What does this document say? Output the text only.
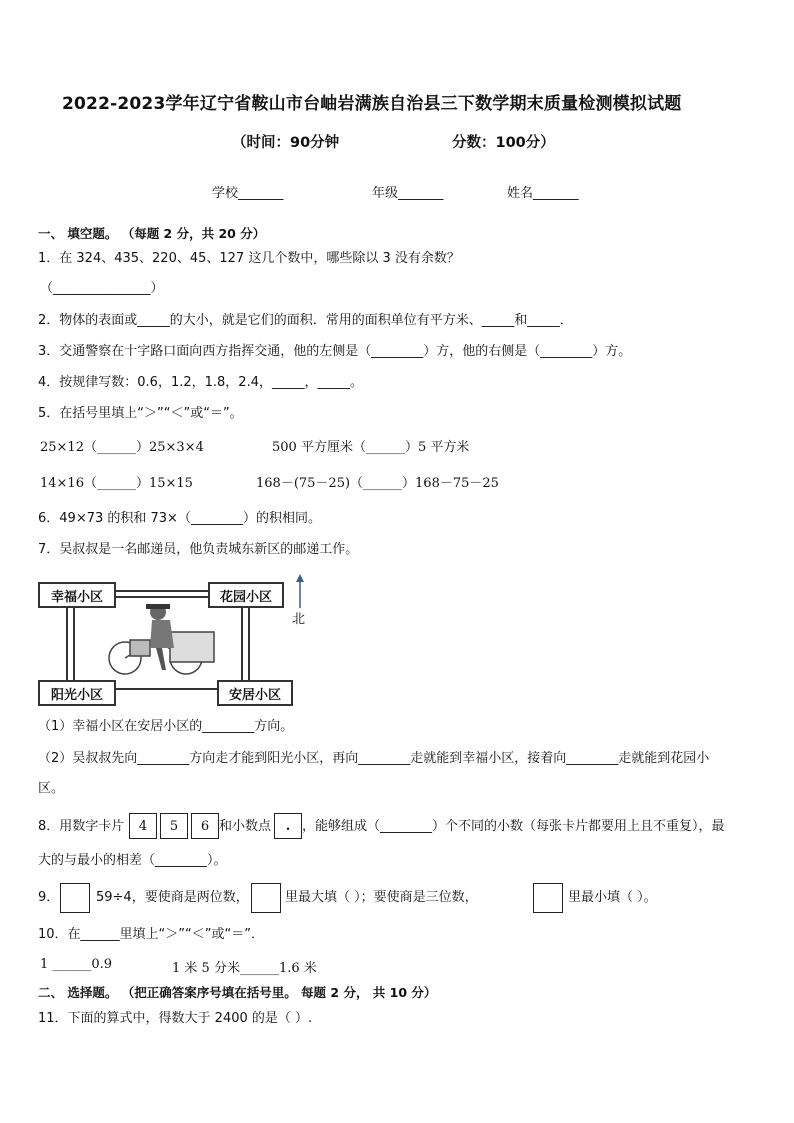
2022-2023学年辽宁省鞍山市台岫岩满族自治县三下数学期末质量检测模拟试题
（时间：90分钟	分数：100分）
学校_______	年级_______	姓名_______
一、 填空题。 （每题 2 分，共 20 分）
1．在 324、435、220、45、127 这几个数中，哪些除以 3 没有余数？
（_______________）
2．物体的表面或_____的大小，就是它们的面积．常用的面积单位有平方米、_____和_____．
3．交通警察在十字路口面向西方指挥交通，他的左侧是（________）方，他的右侧是（________）方。
4．按规律写数：0.6，1.2，1.8，2.4，_____，_____。
5．在括号里填上“＞”“＜”或“＝”。
25×12（______）25×3×4	500 平方厘米（______）5 平方米
14×16（______）15×15	168－(75－25)（______）168－75－25
6．49×73 的积和 73×（________）的积相同。
7．吴叔叔是一名邮递员，他负责城东新区的邮递工作。
幸福小区	花园小区
阳光小区	安居小区
北
（1）幸福小区在安居小区的________方向。
（2）吴叔叔先向________方向走才能到阳光小区，再向________走就能到幸福小区，接着向________走就能到花园小
区。
8．用数字卡片	4	5	6 和小数点	. ，能够组成（________）个不同的小数（每张卡片都要用上且不重复），最
大的与最小的相差（________）。
9．	59÷4，要使商是两位数，	里最大填（ ）；要使商是三位数，	里最小填（ ）。
10．在______里填上“＞”“＜”或“＝”．
1 ______0.9	1 米 5 分米______1.6 米
二、 选择题。 （把正确答案序号填在括号里。 每题 2 分， 共 10 分）
11．下面的算式中，得数大于 2400 的是（ ）.
